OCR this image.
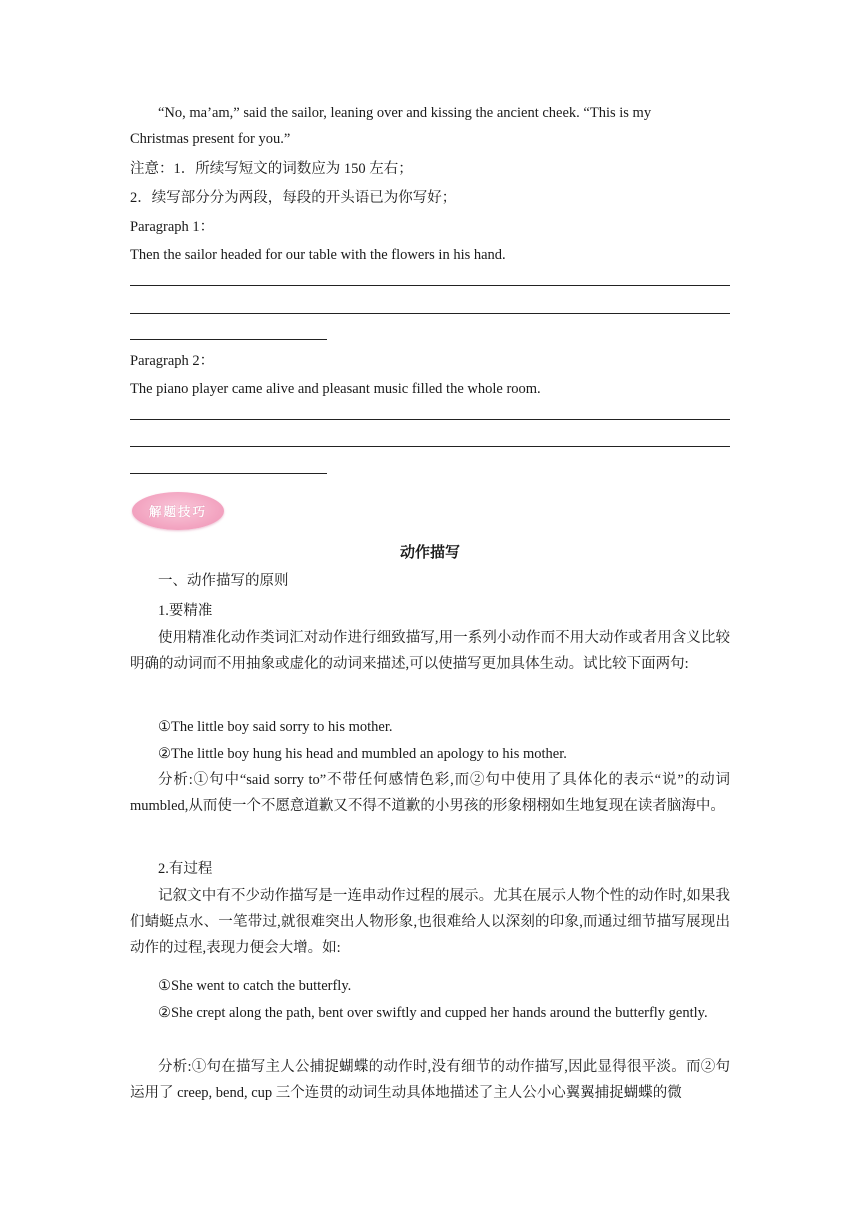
“No, ma’am,” said the sailor, leaning over and kissing the ancient cheek. “This is my
Christmas present for you.”
注意：1．所续写短文的词数应为 150 左右；
2．续写部分分为两段，每段的开头语已为你写好；
Paragraph 1：
Then the sailor headed for our table with the flowers in his hand.
Paragraph 2：
The piano player came alive and pleasant music filled the whole room.
解题技巧
动作描写
一、动作描写的原则
1.要精准
使用精准化动作类词汇对动作进行细致描写,用一系列小动作而不用大动作或者用含义比较明确的动词而不用抽象或虚化的动词来描述,可以使描写更加具体生动。试比较下面两句:
①The little boy said sorry to his mother.
②The little boy hung his head and mumbled an apology to his mother.
分析:①句中“said sorry to”不带任何感情色彩,而②句中使用了具体化的表示“说”的动词mumbled,从而使一个不愿意道歉又不得不道歉的小男孩的形象栩栩如生地复现在读者脑海中。
2.有过程
记叙文中有不少动作描写是一连串动作过程的展示。尤其在展示人物个性的动作时,如果我们蜻蜓点水、一笔带过,就很难突出人物形象,也很难给人以深刻的印象,而通过细节描写展现出动作的过程,表现力便会大增。如:
①She went to catch the butterfly.
②She crept along the path, bent over swiftly and cupped her hands around the butterfly gently.
分析:①句在描写主人公捕捉蝴蝶的动作时,没有细节的动作描写,因此显得很平淡。而②句运用了 creep, bend, cup 三个连贯的动词生动具体地描述了主人公小心翼翼捕捉蝴蝶的微
